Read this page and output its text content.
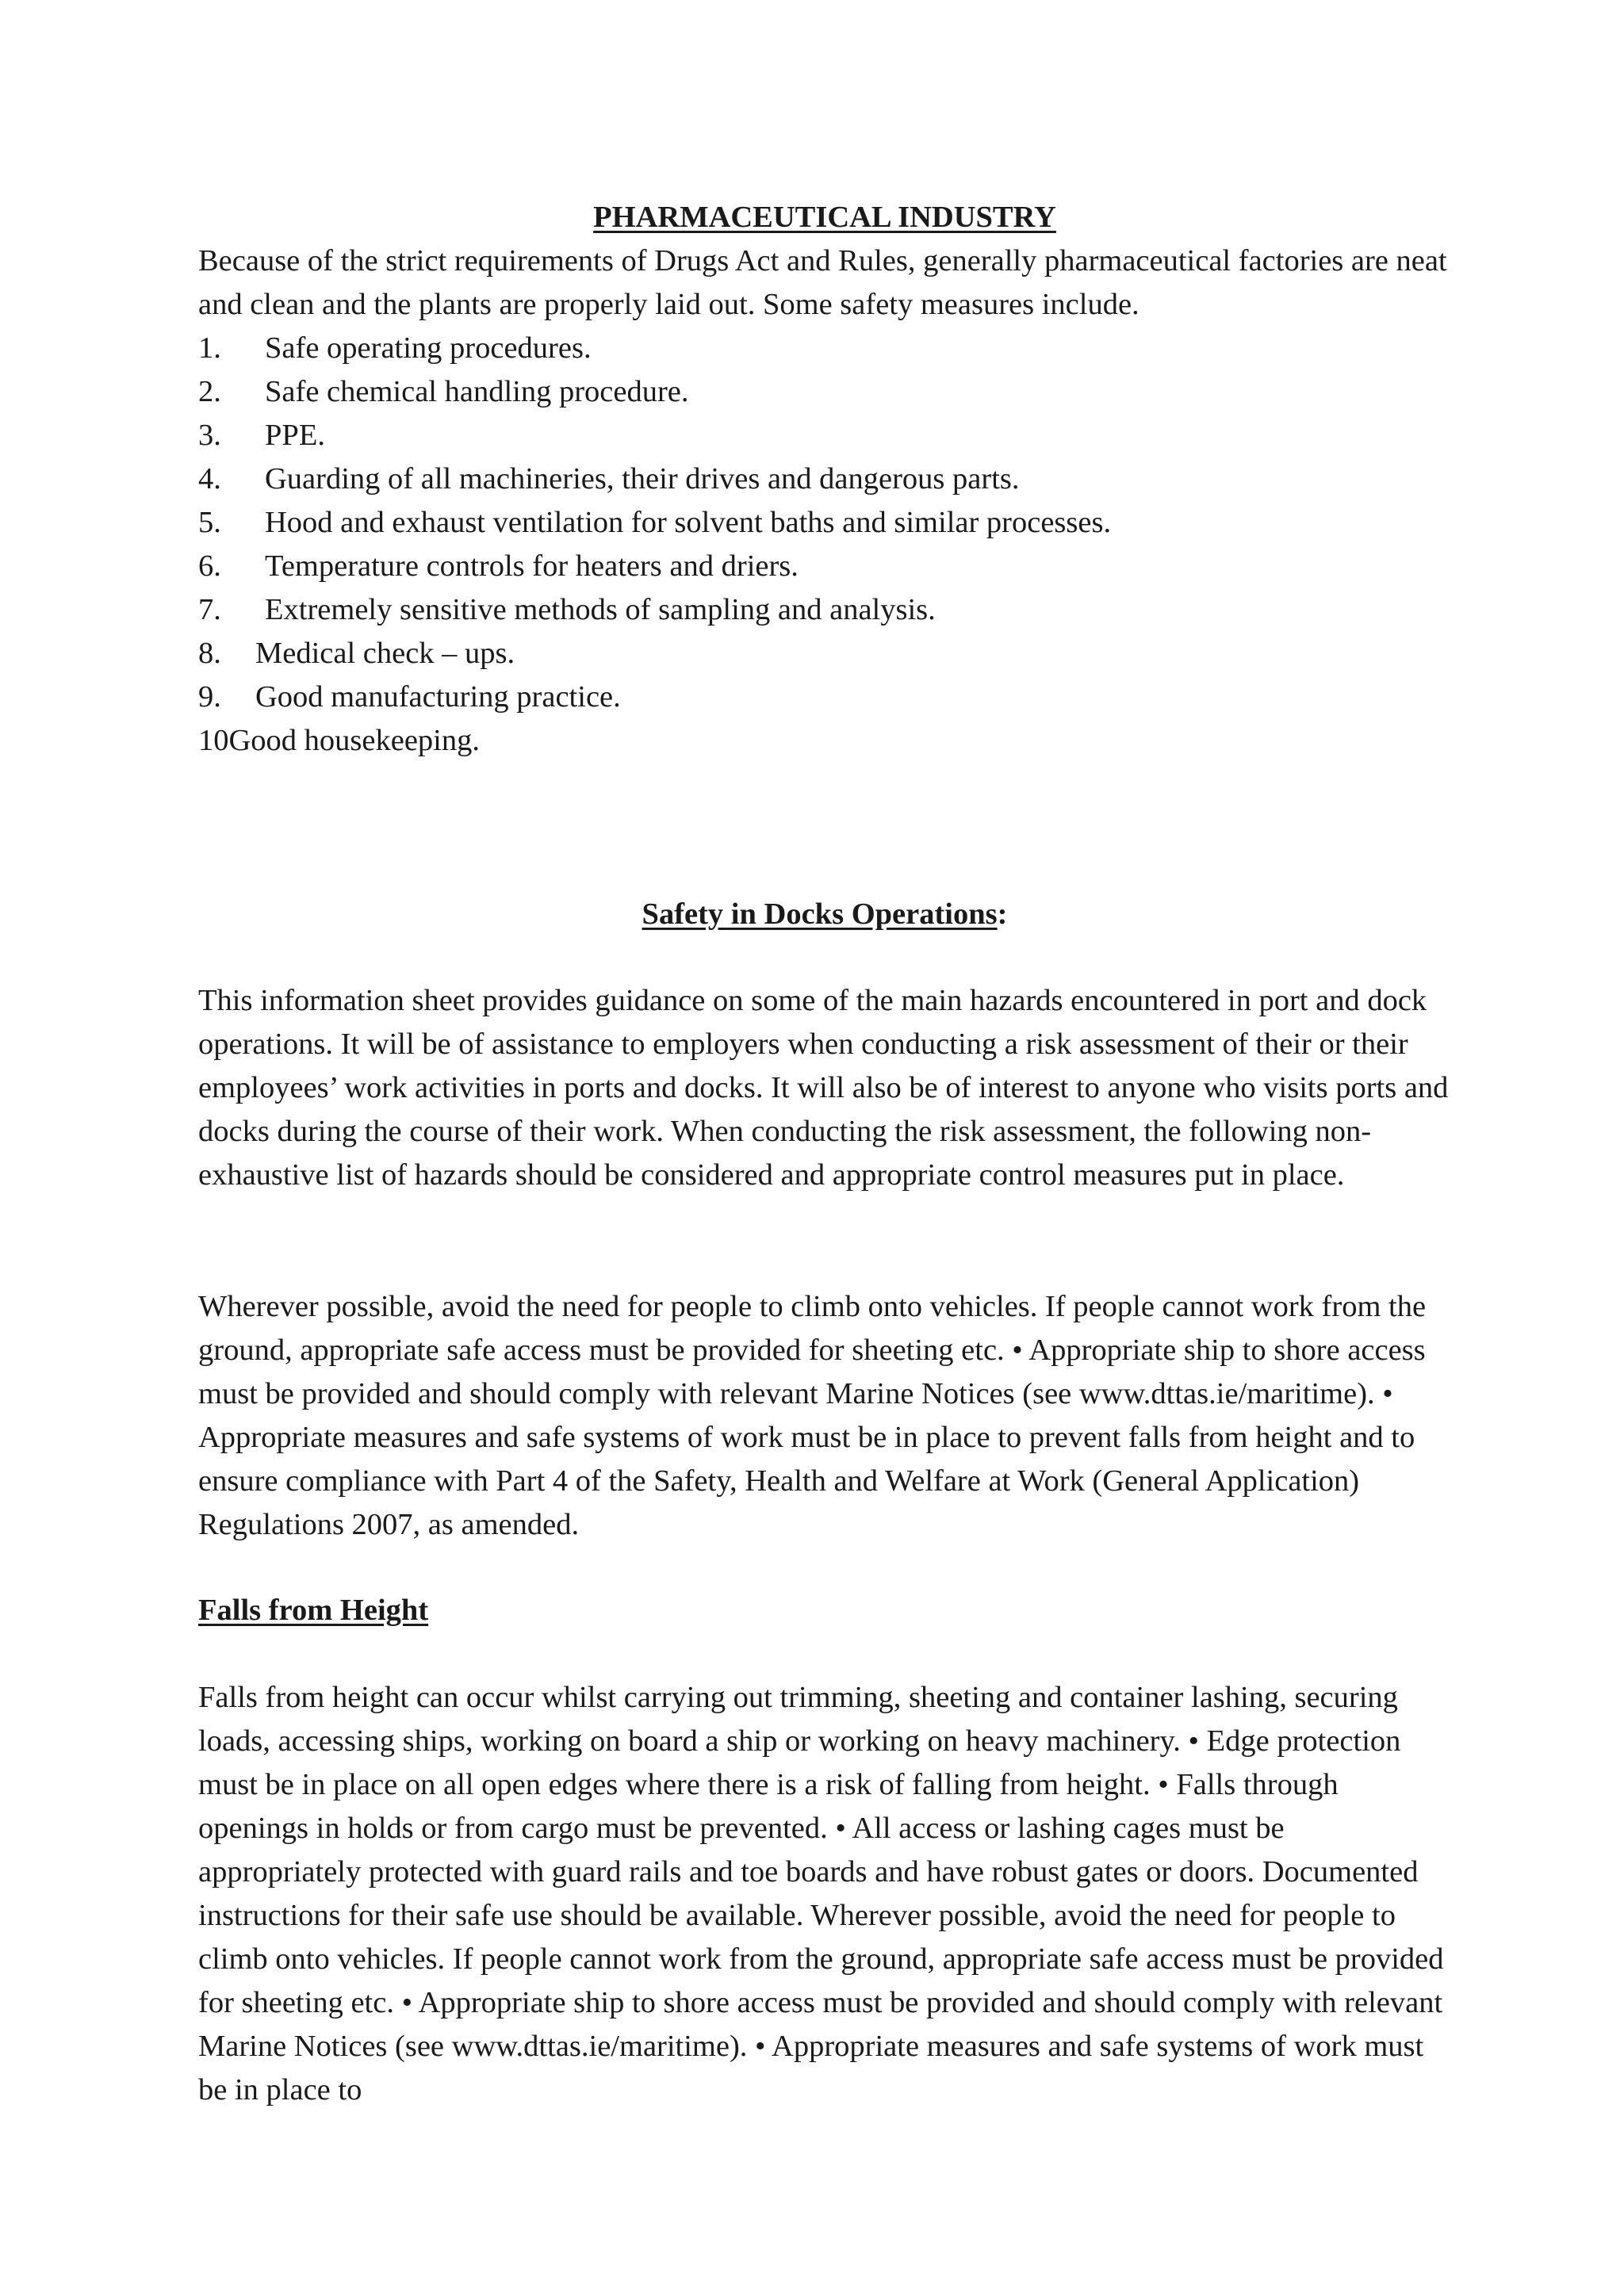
PHARMACEUTICAL INDUSTRY

Because of the strict requirements of Drugs Act and Rules, generally pharmaceutical factories are neat and clean and the plants are properly laid out. Some safety measures include.

1.	Safe operating procedures.
2.	Safe chemical handling procedure.
3.	PPE.
4.	Guarding of all machineries, their drives and dangerous parts.
5.	Hood and exhaust ventilation for solvent baths and similar processes.
6.	Temperature controls for heaters and driers.
7.	Extremely sensitive methods of sampling and analysis.
8.	Medical check – ups.
9.	Good manufacturing practice.
10 Good housekeeping.
Safety in Docks Operations:

This information sheet provides guidance on some of the main hazards encountered in port and dock operations. It will be of assistance to employers when conducting a risk assessment of their or their employees’ work activities in ports and docks. It will also be of interest to anyone who visits ports and docks during the course of their work. When conducting the risk assessment, the following non-exhaustive list of hazards should be considered and appropriate control measures put in place.

Wherever possible, avoid the need for people to climb onto vehicles. If people cannot work from the ground, appropriate safe access must be provided for sheeting etc. • Appropriate ship to shore access must be provided and should comply with relevant Marine Notices (see www.dttas.ie/maritime). • Appropriate measures and safe systems of work must be in place to prevent falls from height and to ensure compliance with Part 4 of the Safety, Health and Welfare at Work (General Application) Regulations 2007, as amended.

Falls from Height

Falls from height can occur whilst carrying out trimming, sheeting and container lashing, securing loads, accessing ships, working on board a ship or working on heavy machinery. • Edge protection must be in place on all open edges where there is a risk of falling from height. • Falls through openings in holds or from cargo must be prevented. • All access or lashing cages must be appropriately protected with guard rails and toe boards and have robust gates or doors. Documented instructions for their safe use should be available. Wherever possible, avoid the need for people to climb onto vehicles. If people cannot work from the ground, appropriate safe access must be provided for sheeting etc. • Appropriate ship to shore access must be provided and should comply with relevant Marine Notices (see www.dttas.ie/maritime). • Appropriate measures and safe systems of work must be in place to
